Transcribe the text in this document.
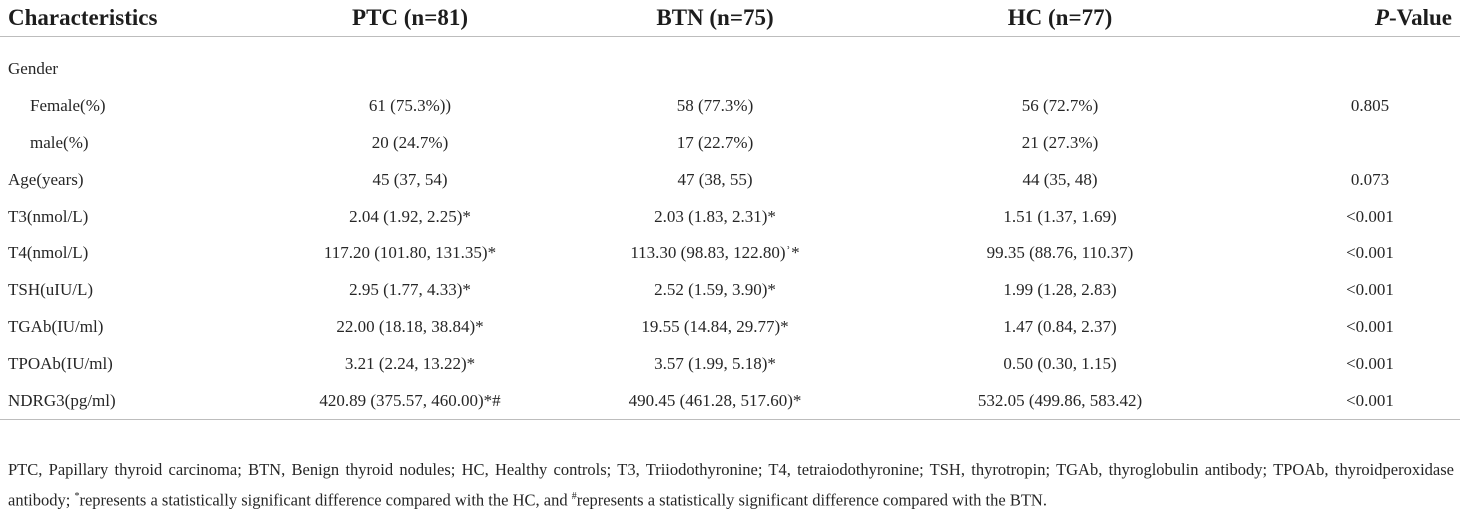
Characteristics	PTC (n=81)	BTN (n=75)	HC (n=77)	P-Value

Gender				
Female(%)	61 (75.3%))	58 (77.3%)	56 (72.7%)	0.805
male(%)	20 (24.7%)	17 (22.7%)	21 (27.3%)	
Age(years)	45 (37, 54)	47 (38, 55)	44 (35, 48)	0.073
T3(nmol/L)	2.04 (1.92, 2.25)*	2.03 (1.83, 2.31)*	1.51 (1.37, 1.69)	<0.001
T4(nmol/L)	117.20 (101.80, 131.35)*	113.30 (98.83, 122.80)ʾ*	99.35 (88.76, 110.37)	<0.001
TSH(uIU/L)	2.95 (1.77, 4.33)*	2.52 (1.59, 3.90)*	1.99 (1.28, 2.83)	<0.001
TGAb(IU/ml)	22.00 (18.18, 38.84)*	19.55 (14.84, 29.77)*	1.47 (0.84, 2.37)	<0.001
TPOAb(IU/ml)	3.21 (2.24, 13.22)*	3.57 (1.99, 5.18)*	0.50 (0.30, 1.15)	<0.001
NDRG3(pg/ml)	420.89 (375.57, 460.00)*#	490.45 (461.28, 517.60)*	532.05 (499.86, 583.42)	<0.001
PTC, Papillary thyroid carcinoma; BTN, Benign thyroid nodules; HC, Healthy controls; T3, Triiodothyronine; T4, tetraiodothyronine; TSH, thyrotropin; TGAb, thyroglobulin antibody; TPOAb, thyroidperoxidase antibody; *represents a statistically significant difference compared with the HC, and #represents a statistically significant difference compared with the BTN.
